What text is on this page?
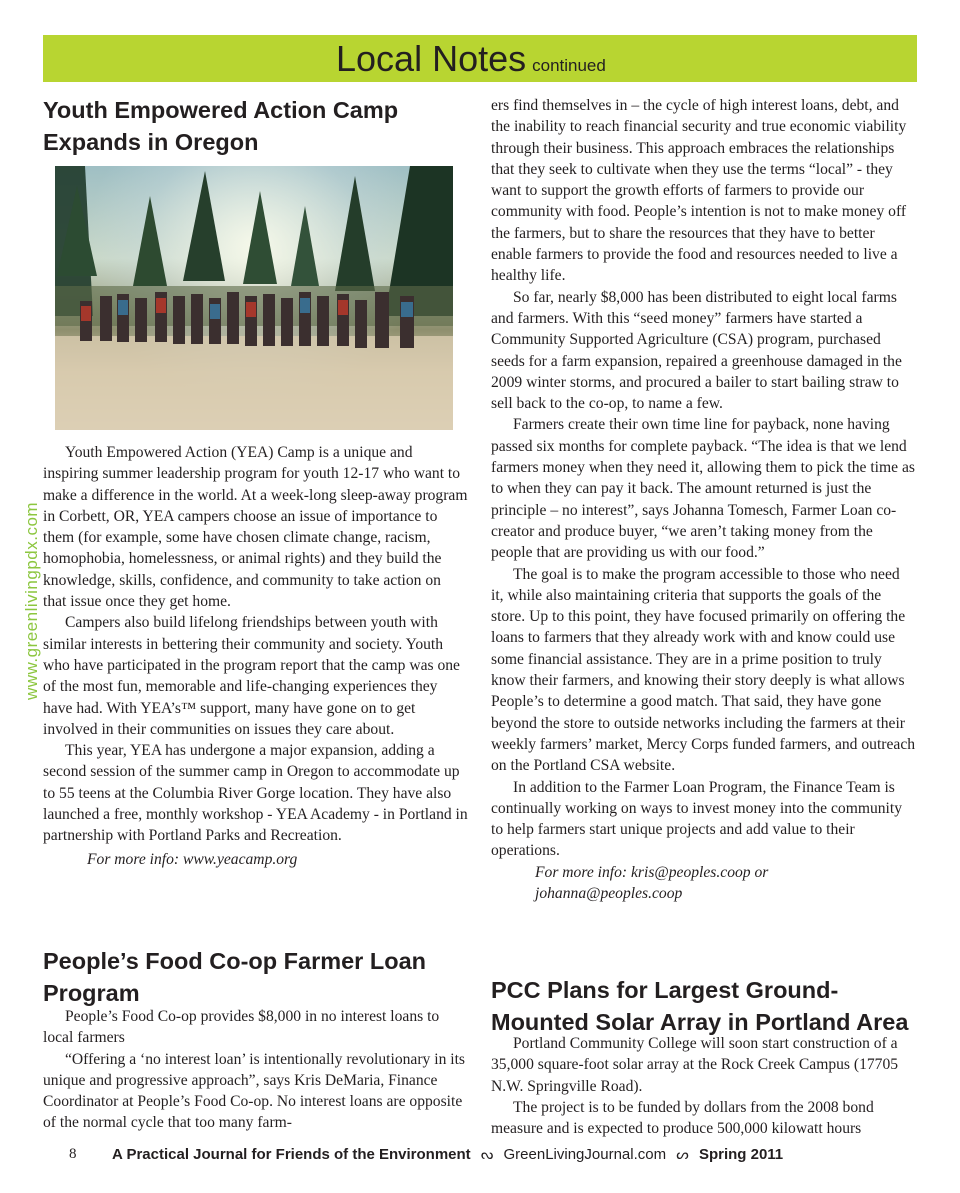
Local Notes continued
www.greenlivingpdx.com
Youth Empowered Action Camp
Expands in Oregon

Youth Empowered Action (YEA) Camp is a unique and inspiring summer leadership program for youth 12-17 who want to make a difference in the world. At a week-long sleep-away program in Corbett, OR, YEA campers choose an issue of importance to them (for example, some have chosen climate change, racism, homophobia, homelessness, or animal rights) and they build the knowledge, skills, confidence, and community to take action on that issue once they get home.

Campers also build lifelong friendships between youth with similar interests in bettering their community and society. Youth who have participated in the program report that the camp was one of the most fun, memorable and life-changing experiences they have had. With YEA’s™ support, many have gone on to get involved in their communities on issues they care about.

This year, YEA has undergone a major expansion, adding a second session of the summer camp in Oregon to accommodate up to 55 teens at the Columbia River Gorge location. They have also launched a free, monthly workshop - YEA Academy - in Portland in partnership with Portland Parks and Recreation.

For more info: www.yeacamp.org

People’s Food Co-op Farmer Loan
Program

People’s Food Co-op provides $8,000 in no interest loans to local farmers

“Offering a ‘no interest loan’ is intentionally revolutionary in its unique and progressive approach”, says Kris DeMaria, Finance Coordinator at People’s Food Co-op. No interest loans are opposite of the normal cycle that too many farm-

ers find themselves in – the cycle of high interest loans, debt, and the inability to reach financial security and true economic viability through their business. This approach embraces the relationships that they seek to cultivate when they use the terms “local” - they want to support the growth efforts of farmers to provide our community with food. People’s intention is not to make money off the farmers, but to share the resources that they have to better enable farmers to provide the food and resources needed to live a healthy life.

So far, nearly $8,000 has been distributed to eight local farms and farmers. With this “seed money” farmers have started a Community Supported Agriculture (CSA) program, purchased seeds for a farm expansion, repaired a greenhouse damaged in the 2009 winter storms, and procured a bailer to start bailing straw to sell back to the co-op, to name a few.

Farmers create their own time line for payback, none having passed six months for complete payback. “The idea is that we lend farmers money when they need it, allowing them to pick the time as to when they can pay it back. The amount returned is just the principle – no interest”, says Johanna Tomesch, Farmer Loan co-creator and produce buyer, “we aren’t taking money from the people that are providing us with our food.”

The goal is to make the program accessible to those who need it, while also maintaining criteria that supports the goals of the store. Up to this point, they have focused primarily on offering the loans to farmers that they already work with and know could use some financial assistance. They are in a prime position to truly know their farmers, and knowing their story deeply is what allows People’s to determine a good match. That said, they have gone beyond the store to outside networks including the farmers at their weekly farmers’ market, Mercy Corps funded farmers, and outreach on the Portland CSA website.

In addition to the Farmer Loan Program, the Finance Team is continually working on ways to invest money into the community to help farmers start unique projects and add value to their operations.

For more info: kris@peoples.coop or

johanna@peoples.coop

PCC Plans for Largest Ground-
Mounted Solar Array in Portland Area

Portland Community College will soon start construction of a 35,000 square-foot solar array at the Rock Creek Campus (17705 N.W. Springville Road).

The project is to be funded by dollars from the 2008 bond measure and is expected to produce 500,000 kilowatt hours

8 A Practical Journal for Friends of the Environment ᔓ GreenLivingJournal.com ᔕ Spring 2011
